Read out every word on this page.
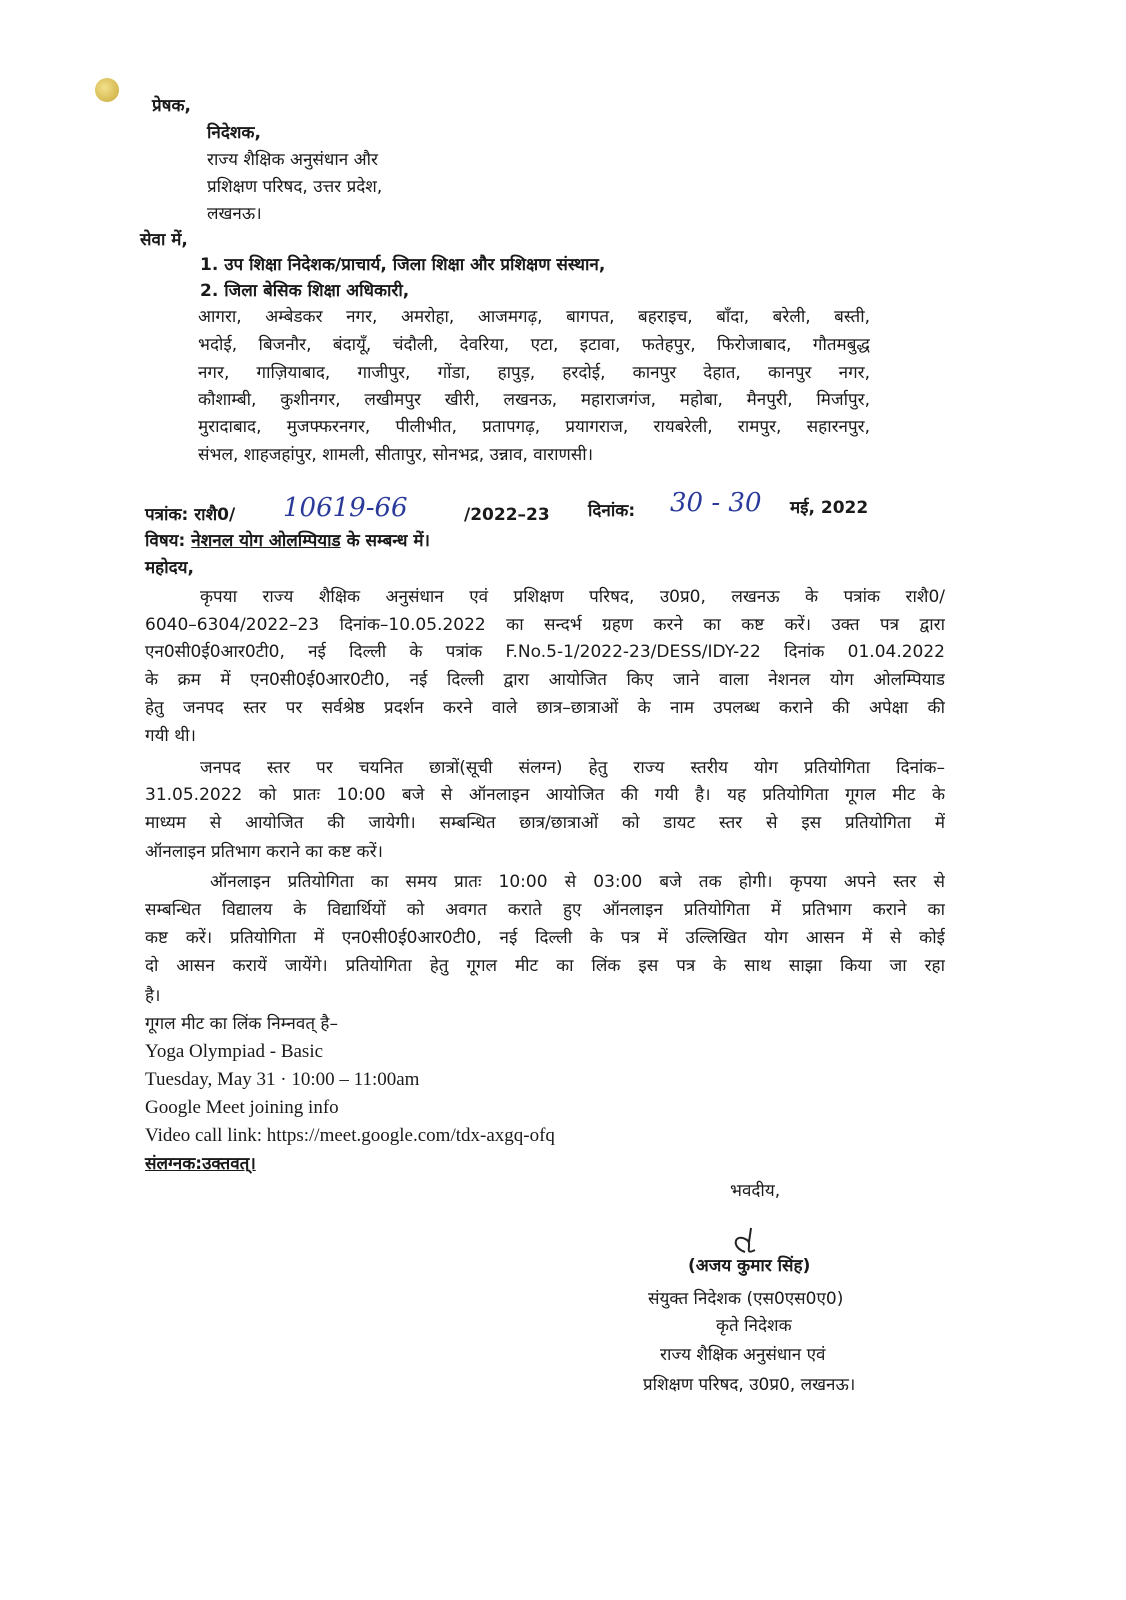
प्रेषक,
निदेशक,
राज्य शैक्षिक अनुसंधान और
प्रशिक्षण परिषद, उत्तर प्रदेश,
लखनऊ।
सेवा में,
1. उप शिक्षा निदेशक/प्राचार्य, जिला शिक्षा और प्रशिक्षण संस्थान,
2. जिला बेसिक शिक्षा अधिकारी,
आगरा, अम्बेडकर नगर, अमरोहा, आजमगढ़, बागपत, बहराइच, बाँदा, बरेली, बस्ती,
भदोई, बिजनौर, बंदायूँ, चंदौली, देवरिया, एटा, इटावा, फतेहपुर, फिरोजाबाद, गौतमबुद्ध
नगर, गाज़ियाबाद, गाजीपुर, गोंडा, हापुड़, हरदोई, कानपुर देहात, कानपुर नगर,
कौशाम्बी, कुशीनगर, लखीमपुर खीरी, लखनऊ, महाराजगंज, महोबा, मैनपुरी, मिर्जापुर,
मुरादाबाद, मुजफ्फरनगर, पीलीभीत, प्रतापगढ़, प्रयागराज, रायबरेली, रामपुर, सहारनपुर,
संभल, शाहजहांपुर, शामली, सीतापुर, सोनभद्र, उन्नाव, वाराणसी।
पत्रांक: राशै0/ 10619-66	/2022–23 दिनांक: 30 - 30 मई, 2022
विषय: नेशनल योग ओलम्पियाड के सम्बन्ध में।
महोदय,
कृपया राज्य शैक्षिक अनुसंधान एवं प्रशिक्षण परिषद, उ0प्र0, लखनऊ के पत्रांक राशै0/
6040–6304/2022–23 दिनांक–10.05.2022 का सन्दर्भ ग्रहण करने का कष्ट करें। उक्त पत्र द्वारा
एन0सी0ई0आर0टी0, नई दिल्ली के पत्रांक F.No.5-1/2022-23/DESS/IDY-22 दिनांक 01.04.2022
के क्रम में एन0सी0ई0आर0टी0, नई दिल्ली द्वारा आयोजित किए जाने वाला नेशनल योग ओलम्पियाड
हेतु जनपद स्तर पर सर्वश्रेष्ठ प्रदर्शन करने वाले छात्र–छात्राओं के नाम उपलब्ध कराने की अपेक्षा की
गयी थी।
जनपद स्तर पर चयनित छात्रों(सूची संलग्न) हेतु राज्य स्तरीय योग प्रतियोगिता दिनांक–
31.05.2022 को प्रातः 10:00 बजे से ऑनलाइन आयोजित की गयी है। यह प्रतियोगिता गूगल मीट के
माध्यम से आयोजित की जायेगी। सम्बन्धित छात्र/छात्राओं को डायट स्तर से इस प्रतियोगिता में
ऑनलाइन प्रतिभाग कराने का कष्ट करें।
ऑनलाइन प्रतियोगिता का समय प्रातः 10:00 से 03:00 बजे तक होगी। कृपया अपने स्तर से
सम्बन्धित विद्यालय के विद्यार्थियों को अवगत कराते हुए ऑनलाइन प्रतियोगिता में प्रतिभाग कराने का
कष्ट करें। प्रतियोगिता में एन0सी0ई0आर0टी0, नई दिल्ली के पत्र में उल्लिखित योग आसन में से कोई
दो आसन करायें जायेंगे। प्रतियोगिता हेतु गूगल मीट का लिंक इस पत्र के साथ साझा किया जा रहा
है।
गूगल मीट का लिंक निम्नवत् है–
Yoga Olympiad - Basic
Tuesday, May 31 · 10:00 – 11:00am
Google Meet joining info
Video call link: https://meet.google.com/tdx-axgq-ofq
संलग्नक:उक्तवत्।
भवदीय,
(अजय कुमार सिंह)
संयुक्त निदेशक (एस0एस0ए0)
कृते निदेशक
राज्य शैक्षिक अनुसंधान एवं
प्रशिक्षण परिषद, उ0प्र0, लखनऊ।
